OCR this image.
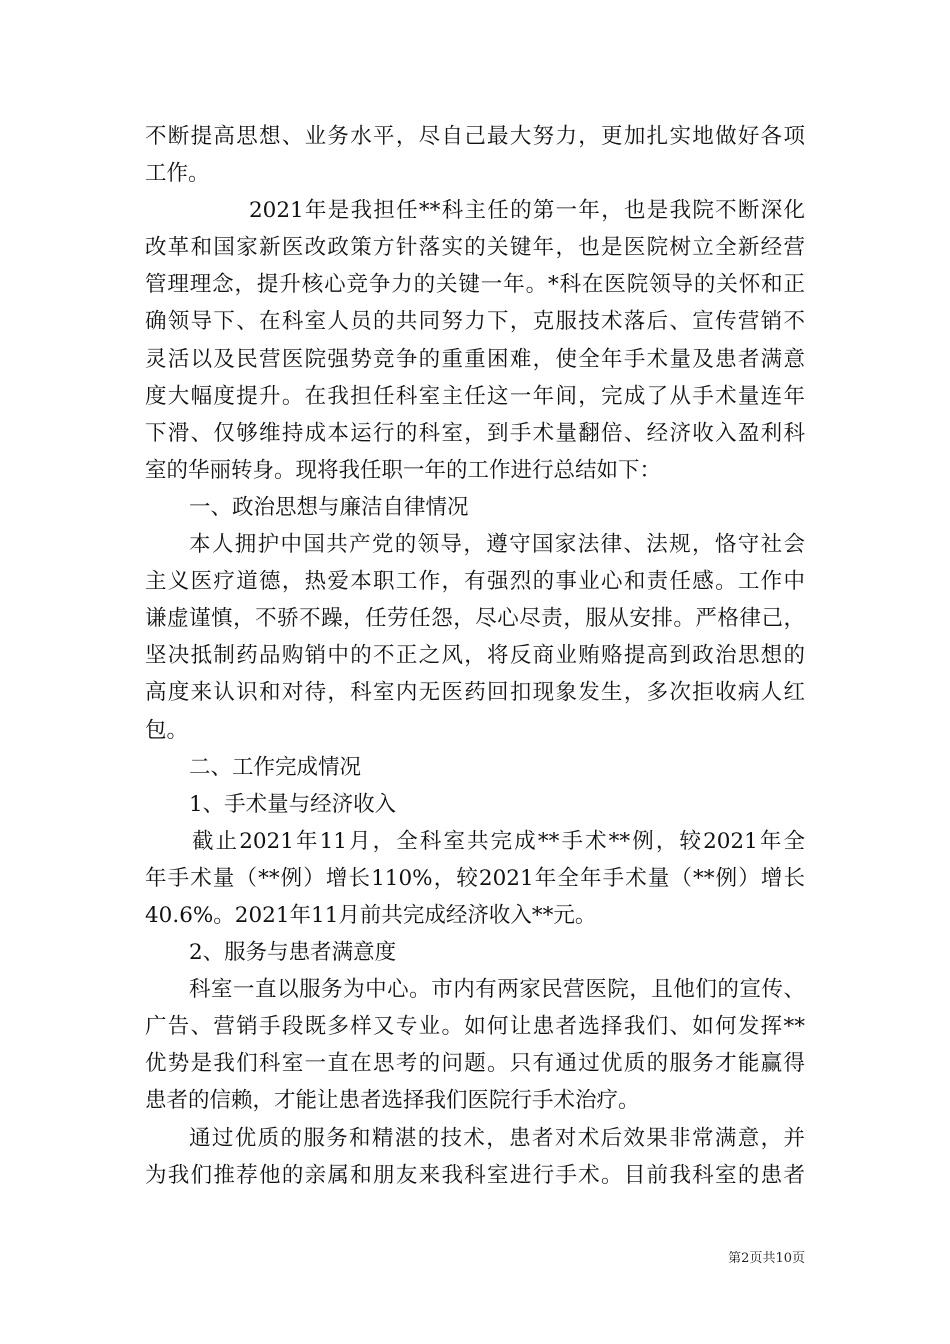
不断提高思想、业务水平，尽自己最大努力，更加扎实地做好各项
工作。
2021年是我担任**科主任的第一年，也是我院不断深化
改革和国家新医改政策方针落实的关键年，也是医院树立全新经营
管理理念，提升核心竞争力的关键一年。*科在医院领导的关怀和正
确领导下、在科室人员的共同努力下，克服技术落后、宣传营销不
灵活以及民营医院强势竞争的重重困难，使全年手术量及患者满意
度大幅度提升。在我担任科室主任这一年间，完成了从手术量连年
下滑、仅够维持成本运行的科室，到手术量翻倍、经济收入盈利科
室的华丽转身。现将我任职一年的工作进行总结如下：
一、政治思想与廉洁自律情况
本人拥护中国共产党的领导，遵守国家法律、法规，恪守社会
主义医疗道德，热爱本职工作，有强烈的事业心和责任感。工作中
谦虚谨慎，不骄不躁，任劳任怨，尽心尽责，服从安排。严格律己，
坚决抵制药品购销中的不正之风，将反商业贿赂提高到政治思想的
高度来认识和对待，科室内无医药回扣现象发生，多次拒收病人红
包。
二、工作完成情况
1、手术量与经济收入
截止2021年11月，全科室共完成**手术**例，较2021年全
年手术量（**例）增长110%，较2021年全年手术量（**例）增长
40.6%。2021年11月前共完成经济收入**元。
2、服务与患者满意度
科室一直以服务为中心。市内有两家民营医院，且他们的宣传、
广告、营销手段既多样又专业。如何让患者选择我们、如何发挥**
优势是我们科室一直在思考的问题。只有通过优质的服务才能赢得
患者的信赖，才能让患者选择我们医院行手术治疗。
通过优质的服务和精湛的技术，患者对术后效果非常满意，并
为我们推荐他的亲属和朋友来我科室进行手术。目前我科室的患者
第2页共10页
